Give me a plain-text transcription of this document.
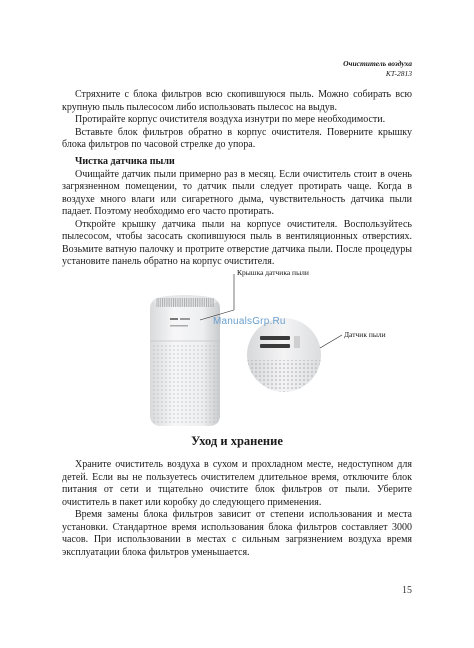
Очиститель воздуха
KT-2813

Стряхните с блока фильтров всю скопившуюся пыль. Можно собирать всю крупную пыль пылесосом либо использовать пылесос на выдув.

Протирайте корпус очистителя воздуха изнутри по мере необходимости.

Вставьте блок фильтров обратно в корпус очистителя. Поверните крышку блока фильтров по часовой стрелке до упора.

Чистка датчика пыли

Очищайте датчик пыли примерно раз в месяц. Если очиститель стоит в очень загрязненном помещении, то датчик пыли следует протирать чаще. Когда в воздухе много влаги или сигаретного дыма, чувствительность датчика пыли падает. Поэтому необходимо его часто протирать.

Откройте крышку датчика пыли на корпусе очистителя. Воспользуйтесь пылесосом, чтобы засосать скопившуюся пыль в вентиляционных отверстиях. Возьмите ватную палочку и протрите отверстие датчика пыли. После процедуры установите панель обратно на корпус очистителя.

Крышка датчика пыли
Датчик пыли
ManualsGrp.Ru
Уход и хранение

Храните очиститель воздуха в сухом и прохладном месте, недоступном для детей. Если вы не пользуетесь очистителем длительное время, отключите блок питания от сети и тщательно очистите блок фильтров от пыли. Уберите очиститель в пакет или коробку до следующего применения.

Время замены блока фильтров зависит от степени использования и места установки. Стандартное время использования блока фильтров составляет 3000 часов. При использовании в местах с сильным загрязнением воздуха время эксплуатации блока фильтров уменьшается.

15
